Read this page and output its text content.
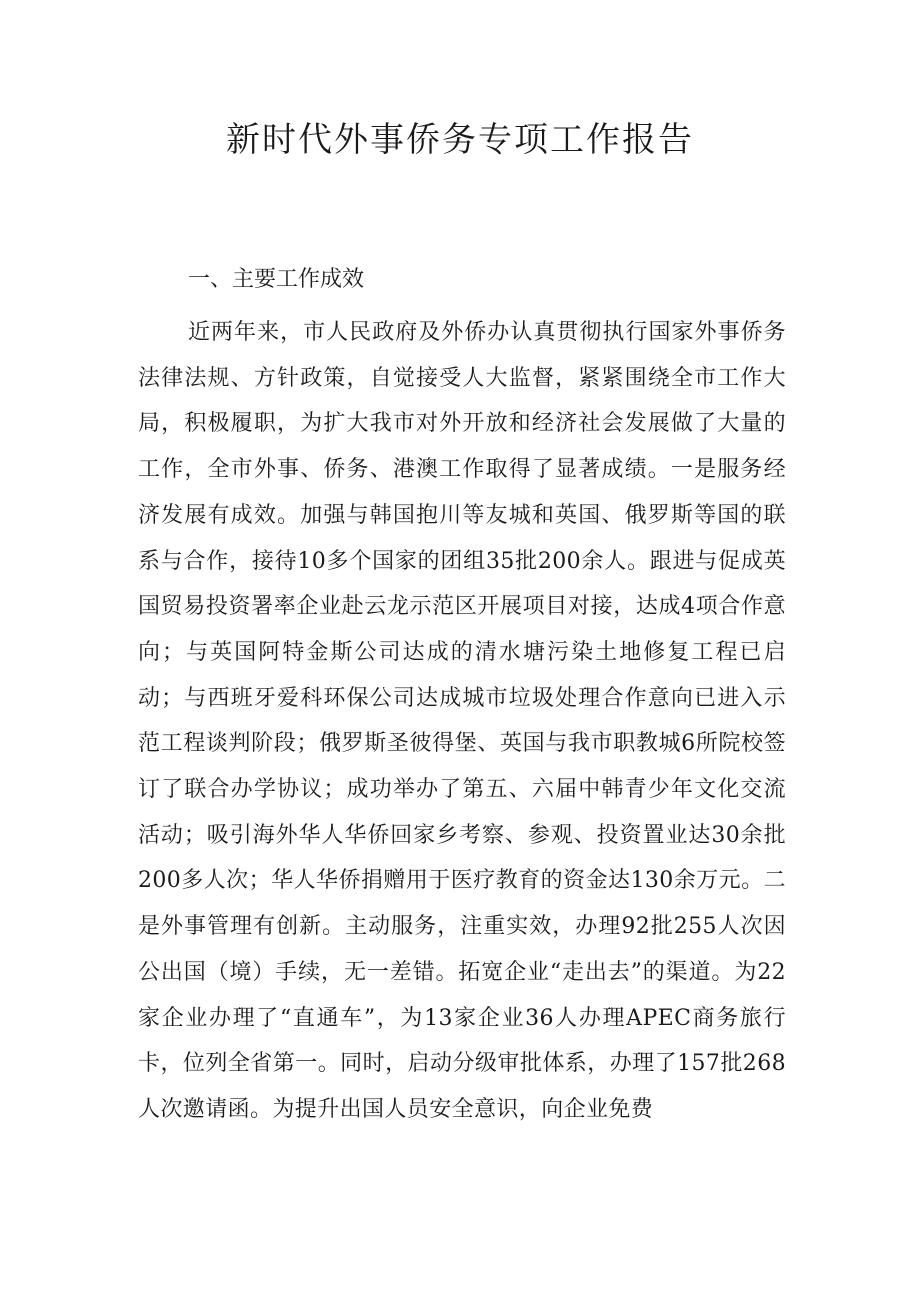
新时代外事侨务专项工作报告
一、主要工作成效

近两年来，市人民政府及外侨办认真贯彻执行国家外事侨务法律法规、方针政策，自觉接受人大监督，紧紧围绕全市工作大局，积极履职，为扩大我市对外开放和经济社会发展做了大量的工作，全市外事、侨务、港澳工作取得了显著成绩。一是服务经济发展有成效。加强与韩国抱川等友城和英国、俄罗斯等国的联系与合作，接待10多个国家的团组35批200余人。跟进与促成英国贸易投资署率企业赴云龙示范区开展项目对接，达成4项合作意向；与英国阿特金斯公司达成的清水塘污染土地修复工程已启动；与西班牙爱科环保公司达成城市垃圾处理合作意向已进入示范工程谈判阶段；俄罗斯圣彼得堡、英国与我市职教城6所院校签订了联合办学协议；成功举办了第五、六届中韩青少年文化交流活动；吸引海外华人华侨回家乡考察、参观、投资置业达30余批200多人次；华人华侨捐赠用于医疗教育的资金达130余万元。二是外事管理有创新。主动服务，注重实效，办理92批255人次因公出国（境）手续，无一差错。拓宽企业“走出去”的渠道。为22家企业办理了“直通车”，为13家企业36人办理APEC商务旅行卡，位列全省第一。同时，启动分级审批体系，办理了157批268人次邀请函。为提升出国人员安全意识，向企业免费
